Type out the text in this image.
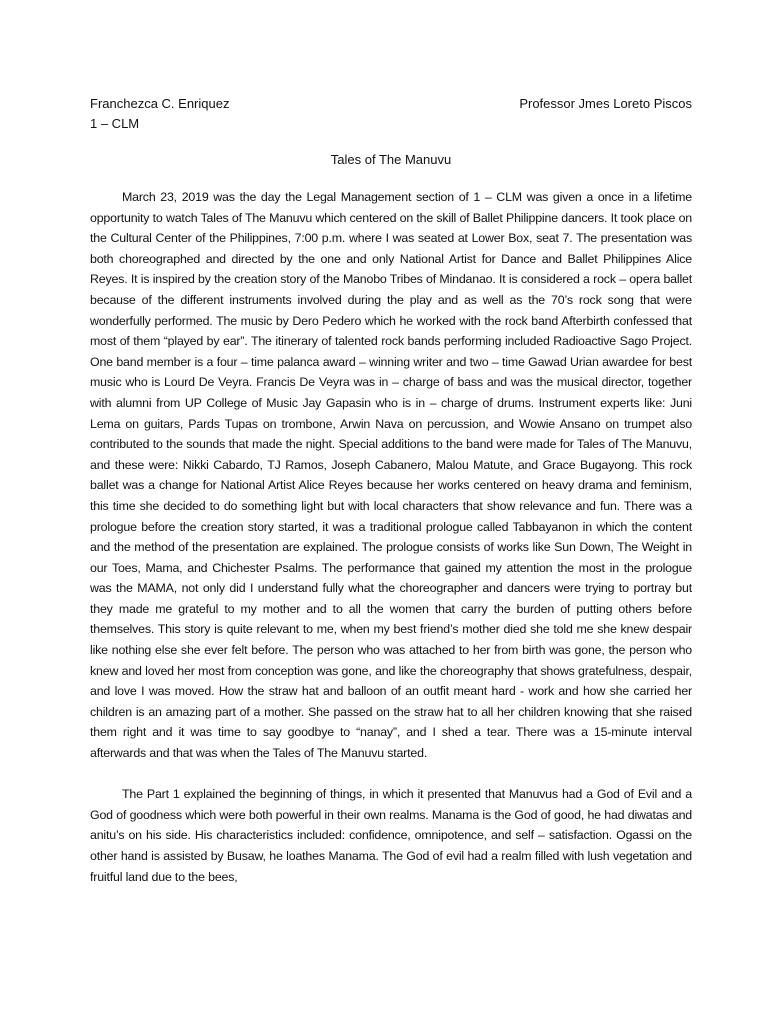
Franchezca C. Enriquez	Professor Jmes Loreto Piscos
1 – CLM
Tales of The Manuvu

March 23, 2019 was the day the Legal Management section of 1 – CLM was given a once in a lifetime opportunity to watch Tales of The Manuvu which centered on the skill of Ballet Philippine dancers. It took place on the Cultural Center of the Philippines, 7:00 p.m. where I was seated at Lower Box, seat 7. The presentation was both choreographed and directed by the one and only National Artist for Dance and Ballet Philippines Alice Reyes. It is inspired by the creation story of the Manobo Tribes of Mindanao. It is considered a rock – opera ballet because of the different instruments involved during the play and as well as the 70’s rock song that were wonderfully performed. The music by Dero Pedero which he worked with the rock band Afterbirth confessed that most of them “played by ear”. The itinerary of talented rock bands performing included Radioactive Sago Project. One band member is a four – time palanca award – winning writer and two – time Gawad Urian awardee for best music who is Lourd De Veyra. Francis De Veyra was in – charge of bass and was the musical director, together with alumni from UP College of Music Jay Gapasin who is in – charge of drums. Instrument experts like: Juni Lema on guitars, Pards Tupas on trombone, Arwin Nava on percussion, and Wowie Ansano on trumpet also contributed to the sounds that made the night. Special additions to the band were made for Tales of The Manuvu, and these were: Nikki Cabardo, TJ Ramos, Joseph Cabanero, Malou Matute, and Grace Bugayong. This rock ballet was a change for National Artist Alice Reyes because her works centered on heavy drama and feminism, this time she decided to do something light but with local characters that show relevance and fun. There was a prologue before the creation story started, it was a traditional prologue called Tabbayanon in which the content and the method of the presentation are explained. The prologue consists of works like Sun Down, The Weight in our Toes, Mama, and Chichester Psalms. The performance that gained my attention the most in the prologue was the MAMA, not only did I understand fully what the choreographer and dancers were trying to portray but they made me grateful to my mother and to all the women that carry the burden of putting others before themselves. This story is quite relevant to me, when my best friend’s mother died she told me she knew despair like nothing else she ever felt before. The person who was attached to her from birth was gone, the person who knew and loved her most from conception was gone, and like the choreography that shows gratefulness, despair, and love I was moved. How the straw hat and balloon of an outfit meant hard - work and how she carried her children is an amazing part of a mother. She passed on the straw hat to all her children knowing that she raised them right and it was time to say goodbye to “nanay”, and I shed a tear. There was a 15-minute interval afterwards and that was when the Tales of The Manuvu started.

The Part 1 explained the beginning of things, in which it presented that Manuvus had a God of Evil and a God of goodness which were both powerful in their own realms. Manama is the God of good, he had diwatas and anitu’s on his side. His characteristics included: confidence, omnipotence, and self – satisfaction. Ogassi on the other hand is assisted by Busaw, he loathes Manama. The God of evil had a realm filled with lush vegetation and fruitful land due to the bees,
